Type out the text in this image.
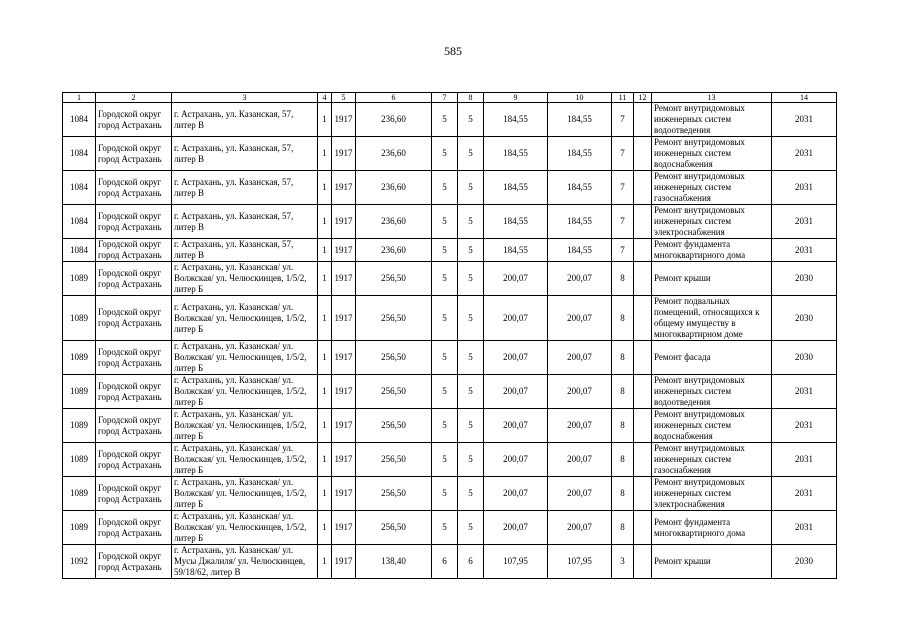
585
1	2	3	4	5	6	7	8	9	10	11	12	13	14
1084	Городской округ город Астрахань	г. Астрахань, ул. Казанская, 57, литер В	1	1917	236,60	5	5	184,55	184,55	7		Ремонт внутридомовых инженерных систем водоотведения	2031
1084	Городской округ город Астрахань	г. Астрахань, ул. Казанская, 57, литер В	1	1917	236,60	5	5	184,55	184,55	7		Ремонт внутридомовых инженерных систем водоснабжения	2031
1084	Городской округ город Астрахань	г. Астрахань, ул. Казанская, 57, литер В	1	1917	236,60	5	5	184,55	184,55	7		Ремонт внутридомовых инженерных систем газоснабжения	2031
1084	Городской округ город Астрахань	г. Астрахань, ул. Казанская, 57, литер В	1	1917	236,60	5	5	184,55	184,55	7		Ремонт внутридомовых инженерных систем электроснабжения	2031
1084	Городской округ город Астрахань	г. Астрахань, ул. Казанская, 57, литер В	1	1917	236,60	5	5	184,55	184,55	7		Ремонт фундамента многоквартирного дома	2031
1089	Городской округ город Астрахань	г. Астрахань, ул. Казанская/ ул. Волжская/ ул. Челюскинцев, 1/5/2, литер Б	1	1917	256,50	5	5	200,07	200,07	8		Ремонт крыши	2030
1089	Городской округ город Астрахань	г. Астрахань, ул. Казанская/ ул. Волжская/ ул. Челюскинцев, 1/5/2, литер Б	1	1917	256,50	5	5	200,07	200,07	8		Ремонт подвальных помещений, относящихся к общему имуществу в многоквартирном доме	2030
1089	Городской округ город Астрахань	г. Астрахань, ул. Казанская/ ул. Волжская/ ул. Челюскинцев, 1/5/2, литер Б	1	1917	256,50	5	5	200,07	200,07	8		Ремонт фасада	2030
1089	Городской округ город Астрахань	г. Астрахань, ул. Казанская/ ул. Волжская/ ул. Челюскинцев, 1/5/2, литер Б	1	1917	256,50	5	5	200,07	200,07	8		Ремонт внутридомовых инженерных систем водоотведения	2031
1089	Городской округ город Астрахань	г. Астрахань, ул. Казанская/ ул. Волжская/ ул. Челюскинцев, 1/5/2, литер Б	1	1917	256,50	5	5	200,07	200,07	8		Ремонт внутридомовых инженерных систем водоснабжения	2031
1089	Городской округ город Астрахань	г. Астрахань, ул. Казанская/ ул. Волжская/ ул. Челюскинцев, 1/5/2, литер Б	1	1917	256,50	5	5	200,07	200,07	8		Ремонт внутридомовых инженерных систем газоснабжения	2031
1089	Городской округ город Астрахань	г. Астрахань, ул. Казанская/ ул. Волжская/ ул. Челюскинцев, 1/5/2, литер Б	1	1917	256,50	5	5	200,07	200,07	8		Ремонт внутридомовых инженерных систем электроснабжения	2031
1089	Городской округ город Астрахань	г. Астрахань, ул. Казанская/ ул. Волжская/ ул. Челюскинцев, 1/5/2, литер Б	1	1917	256,50	5	5	200,07	200,07	8		Ремонт фундамента многоквартирного дома	2031
1092	Городской округ город Астрахань	г. Астрахань, ул. Казанская/ ул. Мусы Джалиля/ ул. Челюскинцев, 59/18/62, литер В	1	1917	138,40	6	6	107,95	107,95	3		Ремонт крыши	2030
